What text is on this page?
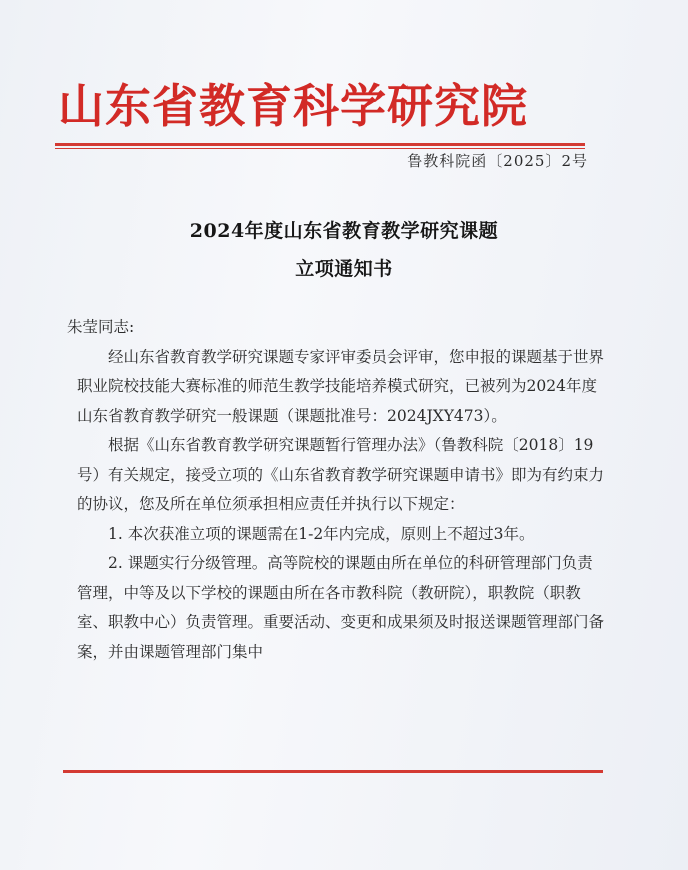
山东省教育科学研究院
鲁教科院函〔2025〕2号
2024年度山东省教育教学研究课题
立项通知书

朱莹同志:

经山东省教育教学研究课题专家评审委员会评审，您申报的课题基于世界职业院校技能大赛标准的师范生教学技能培养模式研究，已被列为2024年度山东省教育教学研究一般课题（课题批准号：2024JXY473）。

根据《山东省教育教学研究课题暂行管理办法》（鲁教科院〔2018〕19号）有关规定，接受立项的《山东省教育教学研究课题申请书》即为有约束力的协议，您及所在单位须承担相应责任并执行以下规定：

1. 本次获准立项的课题需在1-2年内完成，原则上不超过3年。

2. 课题实行分级管理。高等院校的课题由所在单位的科研管理部门负责管理，中等及以下学校的课题由所在各市教科院（教研院），职教院（职教室、职教中心）负责管理。重要活动、变更和成果须及时报送课题管理部门备案，并由课题管理部门集中
